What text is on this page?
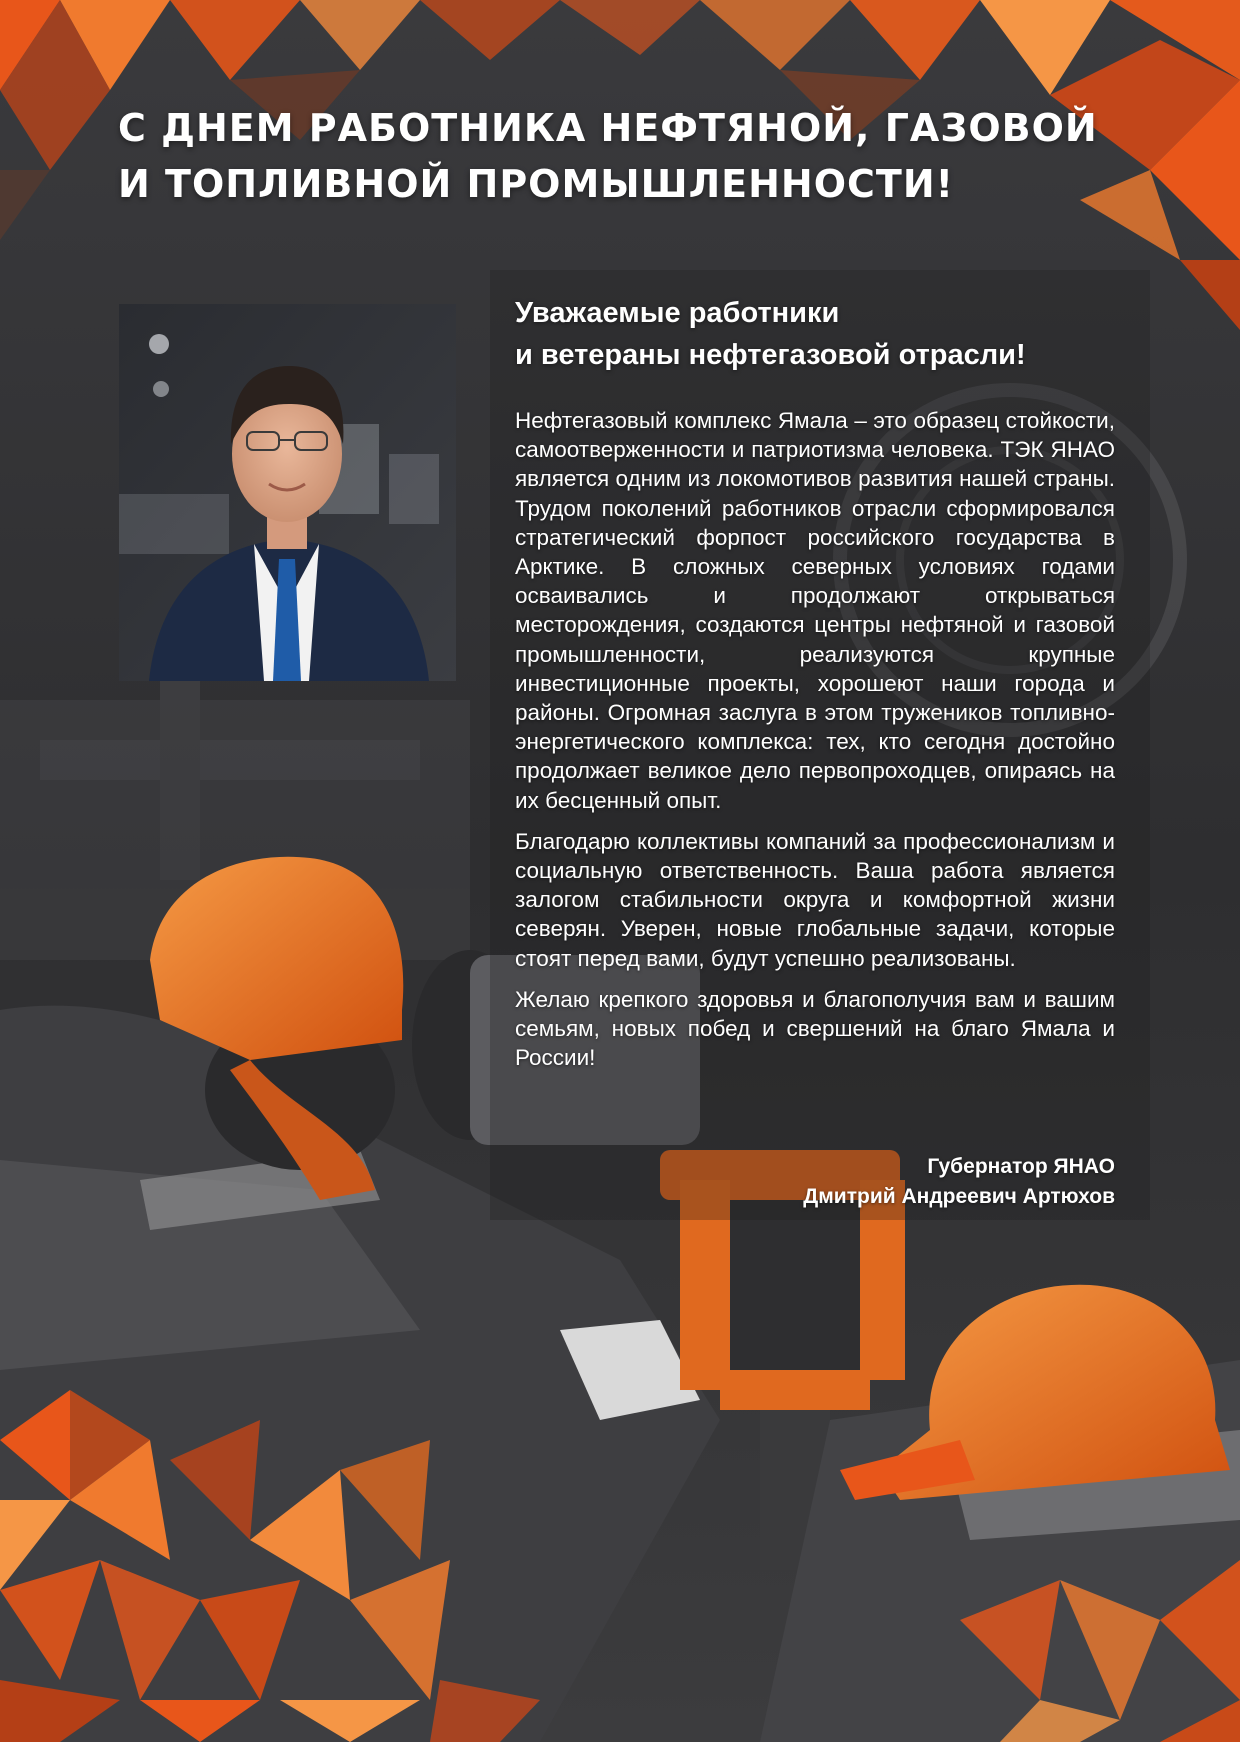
С ДНЕМ РАБОТНИКА НЕФТЯНОЙ, ГАЗОВОЙ
И ТОПЛИВНОЙ ПРОМЫШЛЕННОСТИ!
Уважаемые работники
и ветераны нефтегазовой отрасли!

Нефтегазовый комплекс Ямала – это образец стойкости, самоотверженности и патриотизма человека. ТЭК ЯНАО является одним из локомотивов развития нашей страны. Трудом поколений работников отрасли сформировался стратегический форпост российского государства в Арктике. В сложных северных условиях годами осваивались и продолжают открываться месторождения, создаются центры нефтяной и газовой промышленности, реализуются крупные инвестиционные проекты, хорошеют наши города и районы. Огромная заслуга в этом тружеников топливно-энергетического комплекса: тех, кто сегодня достойно продолжает великое дело первопроходцев, опираясь на их бесценный опыт.

Благодарю коллективы компаний за профессионализм и социальную ответственность. Ваша работа является залогом стабильности округа и комфортной жизни северян. Уверен, новые глобальные задачи, которые стоят перед вами, будут успешно реализованы.

Желаю крепкого здоровья и благополучия вам и вашим семьям, новых побед и свершений на благо Ямала и России!

Губернатор ЯНАО
Дмитрий Андреевич Артюхов
